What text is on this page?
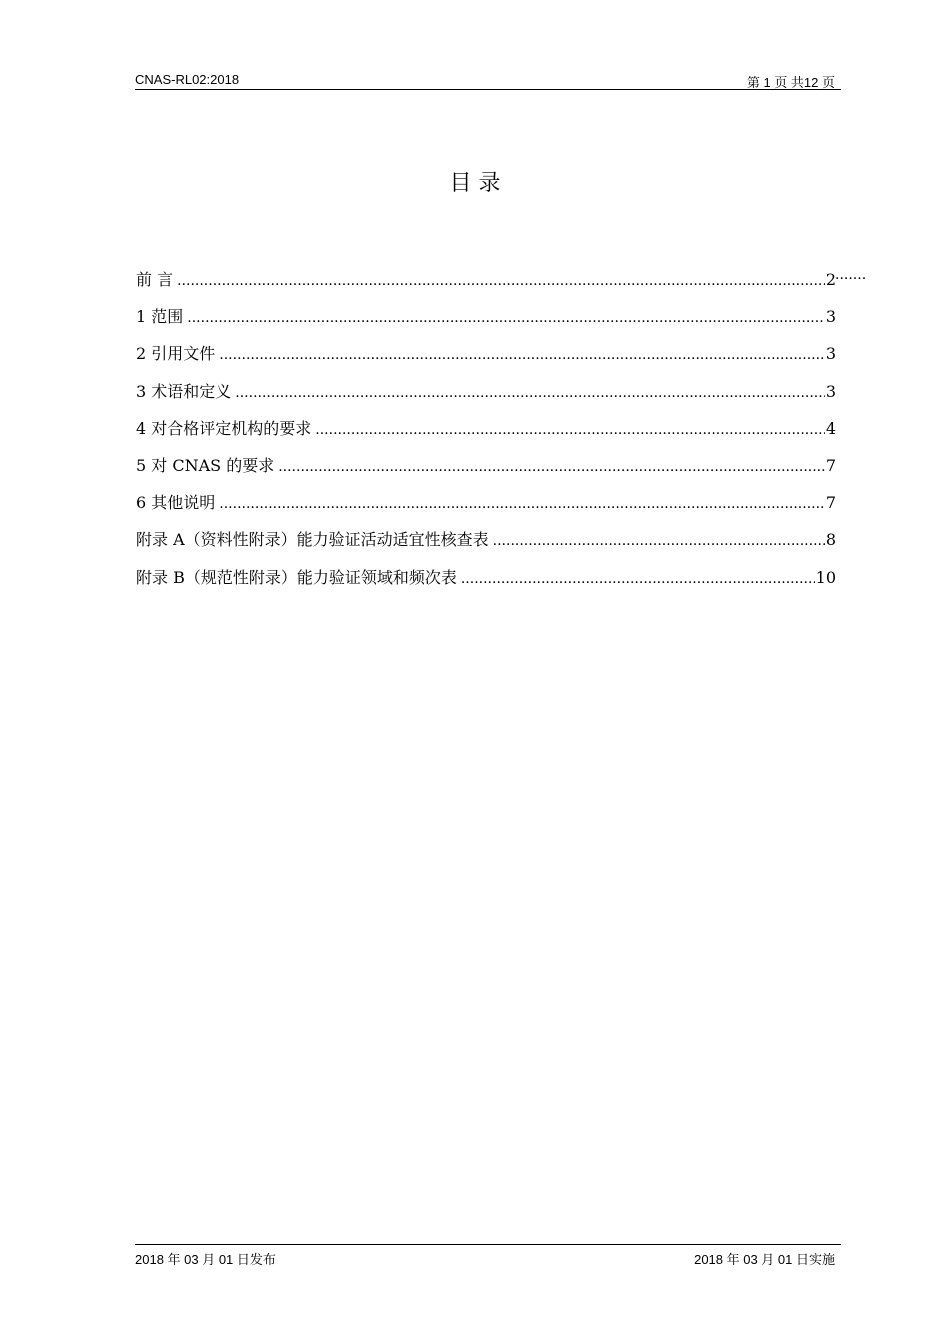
CNAS-RL02:2018	第 1 页 共12 页
目 录
前 言 .....	2 .......
1 范围 .....	3
2 引用文件 .....	3
3 术语和定义 .....	3
4 对合格评定机构的要求 .....	4
5 对 CNAS 的要求 .....	7
6 其他说明 .....	7
附录 A（资料性附录）能力验证活动适宜性核查表 .....	8
附录 B（规范性附录）能力验证领域和频次表 .....	10
2018 年 03 月 01 日发布	2018 年 03 月 01 日实施
